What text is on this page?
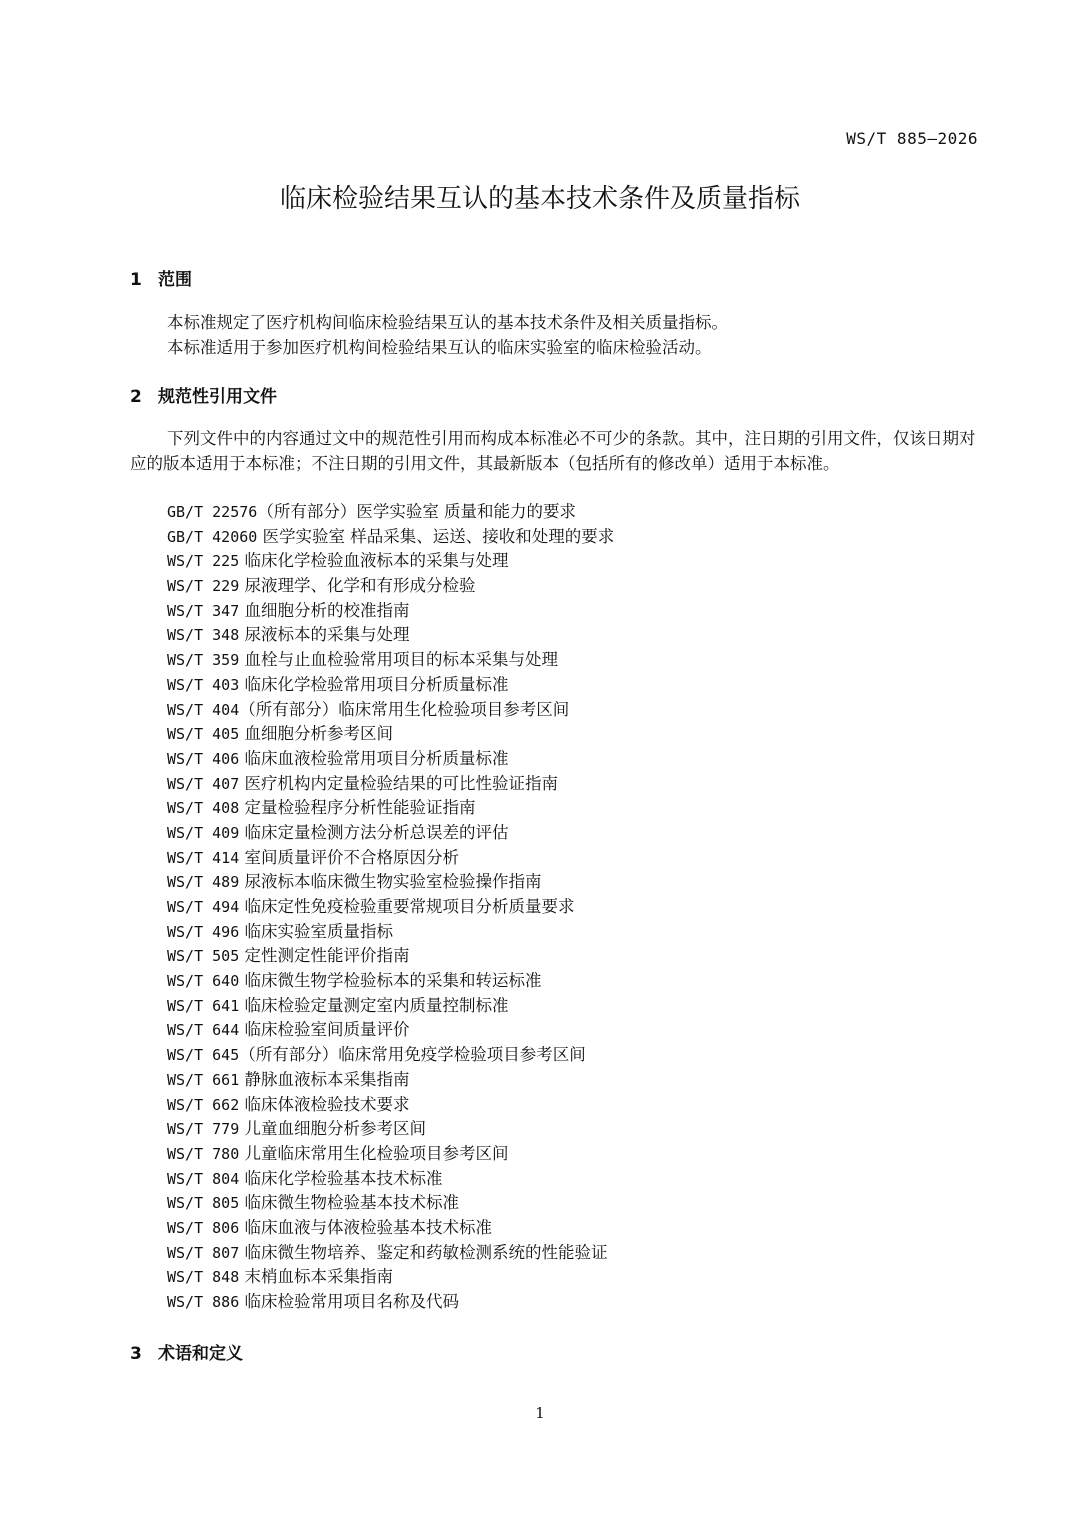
WS/T 885—2026
临床检验结果互认的基本技术条件及质量指标
1 范围

本标准规定了医疗机构间临床检验结果互认的基本技术条件及相关质量指标。

本标准适用于参加医疗机构间检验结果互认的临床实验室的临床检验活动。

2 规范性引用文件

下列文件中的内容通过文中的规范性引用而构成本标准必不可少的条款。其中，注日期的引用文件，仅该日期对应的版本适用于本标准；不注日期的引用文件，其最新版本（包括所有的修改单）适用于本标准。

GB/T 22576（所有部分）医学实验室 质量和能力的要求
GB/T 42060 医学实验室 样品采集、运送、接收和处理的要求
WS/T 225 临床化学检验血液标本的采集与处理
WS/T 229 尿液理学、化学和有形成分检验
WS/T 347 血细胞分析的校准指南
WS/T 348 尿液标本的采集与处理
WS/T 359 血栓与止血检验常用项目的标本采集与处理
WS/T 403 临床化学检验常用项目分析质量标准
WS/T 404（所有部分）临床常用生化检验项目参考区间
WS/T 405 血细胞分析参考区间
WS/T 406 临床血液检验常用项目分析质量标准
WS/T 407 医疗机构内定量检验结果的可比性验证指南
WS/T 408 定量检验程序分析性能验证指南
WS/T 409 临床定量检测方法分析总误差的评估
WS/T 414 室间质量评价不合格原因分析
WS/T 489 尿液标本临床微生物实验室检验操作指南
WS/T 494 临床定性免疫检验重要常规项目分析质量要求
WS/T 496 临床实验室质量指标
WS/T 505 定性测定性能评价指南
WS/T 640 临床微生物学检验标本的采集和转运标准
WS/T 641 临床检验定量测定室内质量控制标准
WS/T 644 临床检验室间质量评价
WS/T 645（所有部分）临床常用免疫学检验项目参考区间
WS/T 661 静脉血液标本采集指南
WS/T 662 临床体液检验技术要求
WS/T 779 儿童血细胞分析参考区间
WS/T 780 儿童临床常用生化检验项目参考区间
WS/T 804 临床化学检验基本技术标准
WS/T 805 临床微生物检验基本技术标准
WS/T 806 临床血液与体液检验基本技术标准
WS/T 807 临床微生物培养、鉴定和药敏检测系统的性能验证
WS/T 848 末梢血标本采集指南
WS/T 886 临床检验常用项目名称及代码
3 术语和定义
1
